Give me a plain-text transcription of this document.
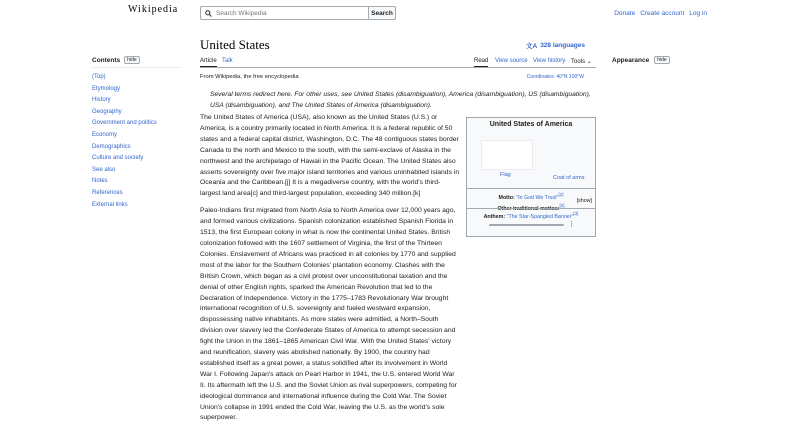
Wikipedia
Search Wikipedia	Search	Donate Create account Log in
Contents	hide
(Top)
Etymology
History
Geography
Government and politics
Economy
Demographics
Culture and society
See also
Notes
References
External links
United States	文A 328 languages
Article Talk	Read View source View history Tools ⌄
From Wikipedia, the free encyclopedia	Coordinates: 40°N 100°W
Appearance	hide
Several terms redirect here. For other uses, see United States (disambiguation), America (disambiguation), US (disambiguation), USA (disambiguation), and The United States of America (disambiguation).

The United States of America (USA), also known as the United States (U.S.) or America, is a country primarily located in North America. It is a federal republic of 50 states and a federal capital district, Washington, D.C. The 48 contiguous states border Canada to the north and Mexico to the south, with the semi-exclave of Alaska in the northwest and the archipelago of Hawaii in the Pacific Ocean. The United States also asserts sovereignty over five major island territories and various uninhabited islands in Oceania and the Caribbean.[j] It is a megadiverse country, with the world's third-largest land area[c] and third-largest population, exceeding 340 million.[k]

Paleo-Indians first migrated from North Asia to North America over 12,000 years ago, and formed various civilizations. Spanish colonization established Spanish Florida in 1513, the first European colony in what is now the continental United States. British colonization followed with the 1607 settlement of Virginia, the first of the Thirteen Colonies. Enslavement of Africans was practiced in all colonies by 1770 and supplied most of the labor for the Southern Colonies' plantation economy. Clashes with the British Crown, which began as a civil protest over unconstitutional taxation and the denial of other English rights, sparked the American Revolution that led to the Declaration of Independence. Victory in the 1775–1783 Revolutionary War brought international recognition of U.S. sovereignty and fueled westward expansion, dispossessing native inhabitants. As more states were admitted, a North–South division over slavery led the Confederate States of America to attempt secession and fight the Union in the 1861–1865 American Civil War. With the United States' victory and reunification, slavery was abolished nationally. By 1900, the country had established itself as a great power, a status solidified after its involvement in World War I. Following Japan's attack on Pearl Harbor in 1941, the U.S. entered World War II. Its aftermath left the U.S. and the Soviet Union as rival superpowers, competing for ideological dominance and international influence during the Cold War. The Soviet Union's collapse in 1991 ended the Cold War, leaving the U.S. as the world's sole superpower.

United States of America
Flag	Coat of arms
Motto: "In God We Trust"[2]
Other traditional mottos:[2]
[show]
Anthem: "The Star-Spangled Banner"[3]
⋮
